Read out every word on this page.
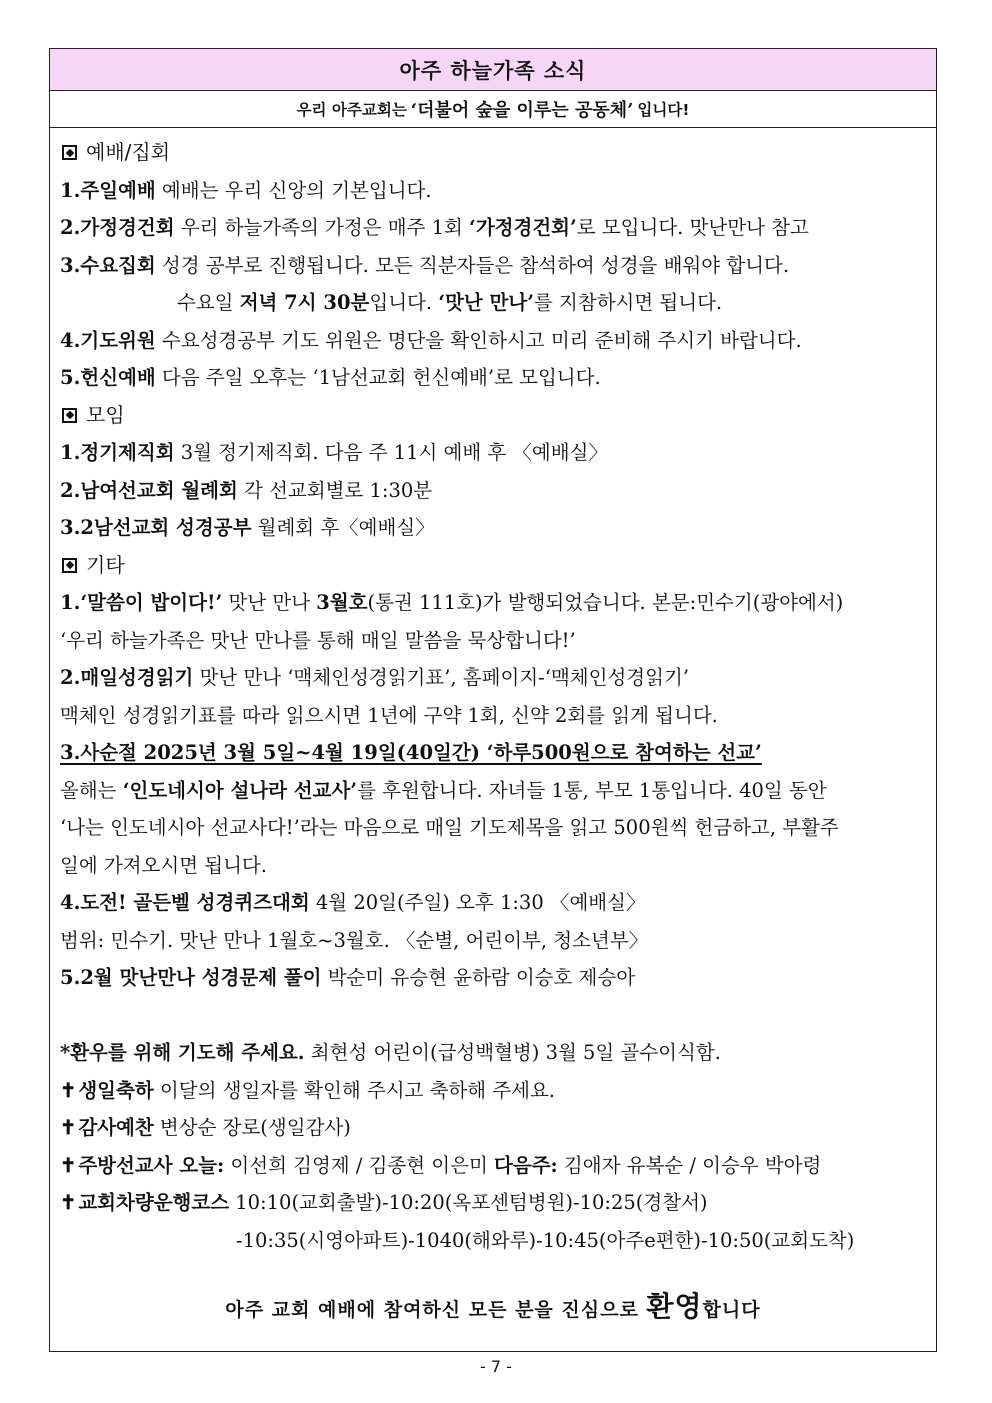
아주 하늘가족 소식
우리 아주교회는 ‘더불어 숲을 이루는 공동체’ 입니다!
예배/집회
1.주일예배 예배는 우리 신앙의 기본입니다.
2.가정경건회 우리 하늘가족의 가정은 매주 1회 ‘가정경건회’로 모입니다. 맛난만나 참고
3.수요집회 성경 공부로 진행됩니다. 모든 직분자들은 참석하여 성경을 배워야 합니다.
수요일 저녁 7시 30분입니다. ‘맛난 만나’를 지참하시면 됩니다.
4.기도위원 수요성경공부 기도 위원은 명단을 확인하시고 미리 준비해 주시기 바랍니다.
5.헌신예배 다음 주일 오후는 ‘1남선교회 헌신예배’로 모입니다.
모임
1.정기제직회 3월 정기제직회. 다음 주 11시 예배 후 〈예배실〉
2.남여선교회 월례회 각 선교회별로 1:30분
3.2남선교회 성경공부 월례회 후〈예배실〉
기타
1.‘말씀이 밥이다!’ 맛난 만나 3월호(통권 111호)가 발행되었습니다. 본문:민수기(광야에서)
‘우리 하늘가족은 맛난 만나를 통해 매일 말씀을 묵상합니다!’
2.매일성경읽기 맛난 만나 ‘맥체인성경읽기표’, 홈페이지-‘맥체인성경읽기’
맥체인 성경읽기표를 따라 읽으시면 1년에 구약 1회, 신약 2회를 읽게 됩니다.
3.사순절 2025년 3월 5일~4월 19일(40일간) ‘하루500원으로 참여하는 선교’
올해는 ‘인도네시아 설나라 선교사’를 후원합니다. 자녀들 1통, 부모 1통입니다. 40일 동안
‘나는 인도네시아 선교사다!’라는 마음으로 매일 기도제목을 읽고 500원씩 헌금하고, 부활주
일에 가져오시면 됩니다.
4.도전! 골든벨 성경퀴즈대회 4월 20일(주일) 오후 1:30 〈예배실〉
범위: 민수기. 맛난 만나 1월호~3월호. 〈순별, 어린이부, 청소년부〉
5.2월 맛난만나 성경문제 풀이 박순미 유승현 윤하람 이승호 제승아
*환우를 위해 기도해 주세요. 최현성 어린이(급성백혈병) 3월 5일 골수이식함.
✝ 생일축하 이달의 생일자를 확인해 주시고 축하해 주세요.
✝ 감사예찬 변상순 장로(생일감사)
✝ 주방선교사 오늘: 이선희 김영제 / 김종현 이은미 다음주: 김애자 유복순 / 이승우 박아령
✝ 교회차량운행코스 10:10(교회출발)-10:20(옥포센텀병원)-10:25(경찰서)
-10:35(시영아파트)-1040(해와루)-10:45(아주e편한)-10:50(교회도착)
아주 교회 예배에 참여하신 모든 분을 진심으로 환영합니다
- 7 -
